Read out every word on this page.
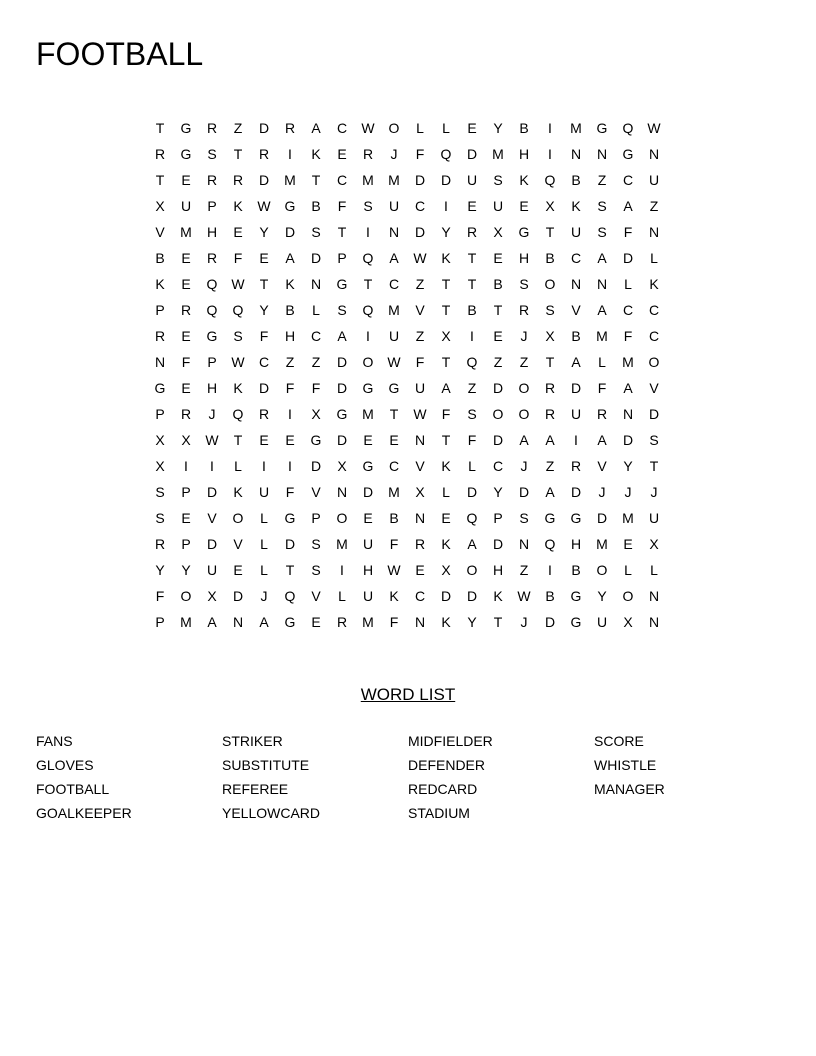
FOOTBALL
T	G	R	Z	D	R	A	C	W O	L	L	E	Y	B	I	M	G	Q W
R	G	S	T	R	I	K	E	R	J	F	Q	D	M	H	I	N	N	G	N
T	E	R	R	D	M	T	C	M	M	D	D	U	S	K	Q	B	Z	C	U
X	U	P	K	W G	B	F	S	U	C	I	E	U	E	X	K	S	A	Z
V	M	H	E	Y	D	S	T	I	N	D	Y	R	X	G	T	U	S	F	N
B	E	R	F	E	A	D	P	Q	A	W	K	T	E	H	B	C	A	D	L
K	E	Q W	T	K	N	G	T	C	Z	T	T	B	S	O	N	N	L	K
P	R	Q	Q	Y	B	L	S	Q	M	V	T	B	T	R	S	V	A	C	C
R	E	G	S	F	H	C	A	I	U	Z	X	I	E	J	X	B	M	F	C
N	F	P	W	C	Z	Z	D	O W	F	T	Q	Z	Z	T	A	L	M	O
G	E	H	K	D	F	F	D	G	G	U	A	Z	D	O	R	D	F	A	V
P	R	J	Q	R	I	X	G	M	T	W	F	S	O	O	R	U	R	N	D
X	X	W	T	E	E	G	D	E	E	N	T	F	D	A	A	I	A	D	S
X	I	I	L	I	I	D	X	G	C	V	K	L	C	J	Z	R	V	Y	T
S	P	D	K	U	F	V	N	D	M	X	L	D	Y	D	A	D	J	J	J
S	E	V	O	L	G	P	O	E	B	N	E	Q	P	S	G	G	D	M	U
R	P	D	V	L	D	S	M	U	F	R	K	A	D	N	Q	H	M	E	X
Y	Y	U	E	L	T	S	I	H	W	E	X	O	H	Z	I	B	O	L	L
F	O	X	D	J	Q	V	L	U	K	C	D	D	K	W	B	G	Y	O	N
P	M	A	N	A	G	E	R	M	F	N	K	Y	T	J	D	G	U	X	N
WORD LIST
FANS	STRIKER	MIDFIELDER	SCORE
GLOVES	SUBSTITUTE	DEFENDER	WHISTLE
FOOTBALL	REFEREE	REDCARD	MANAGER
GOALKEEPER	YELLOWCARD	STADIUM
